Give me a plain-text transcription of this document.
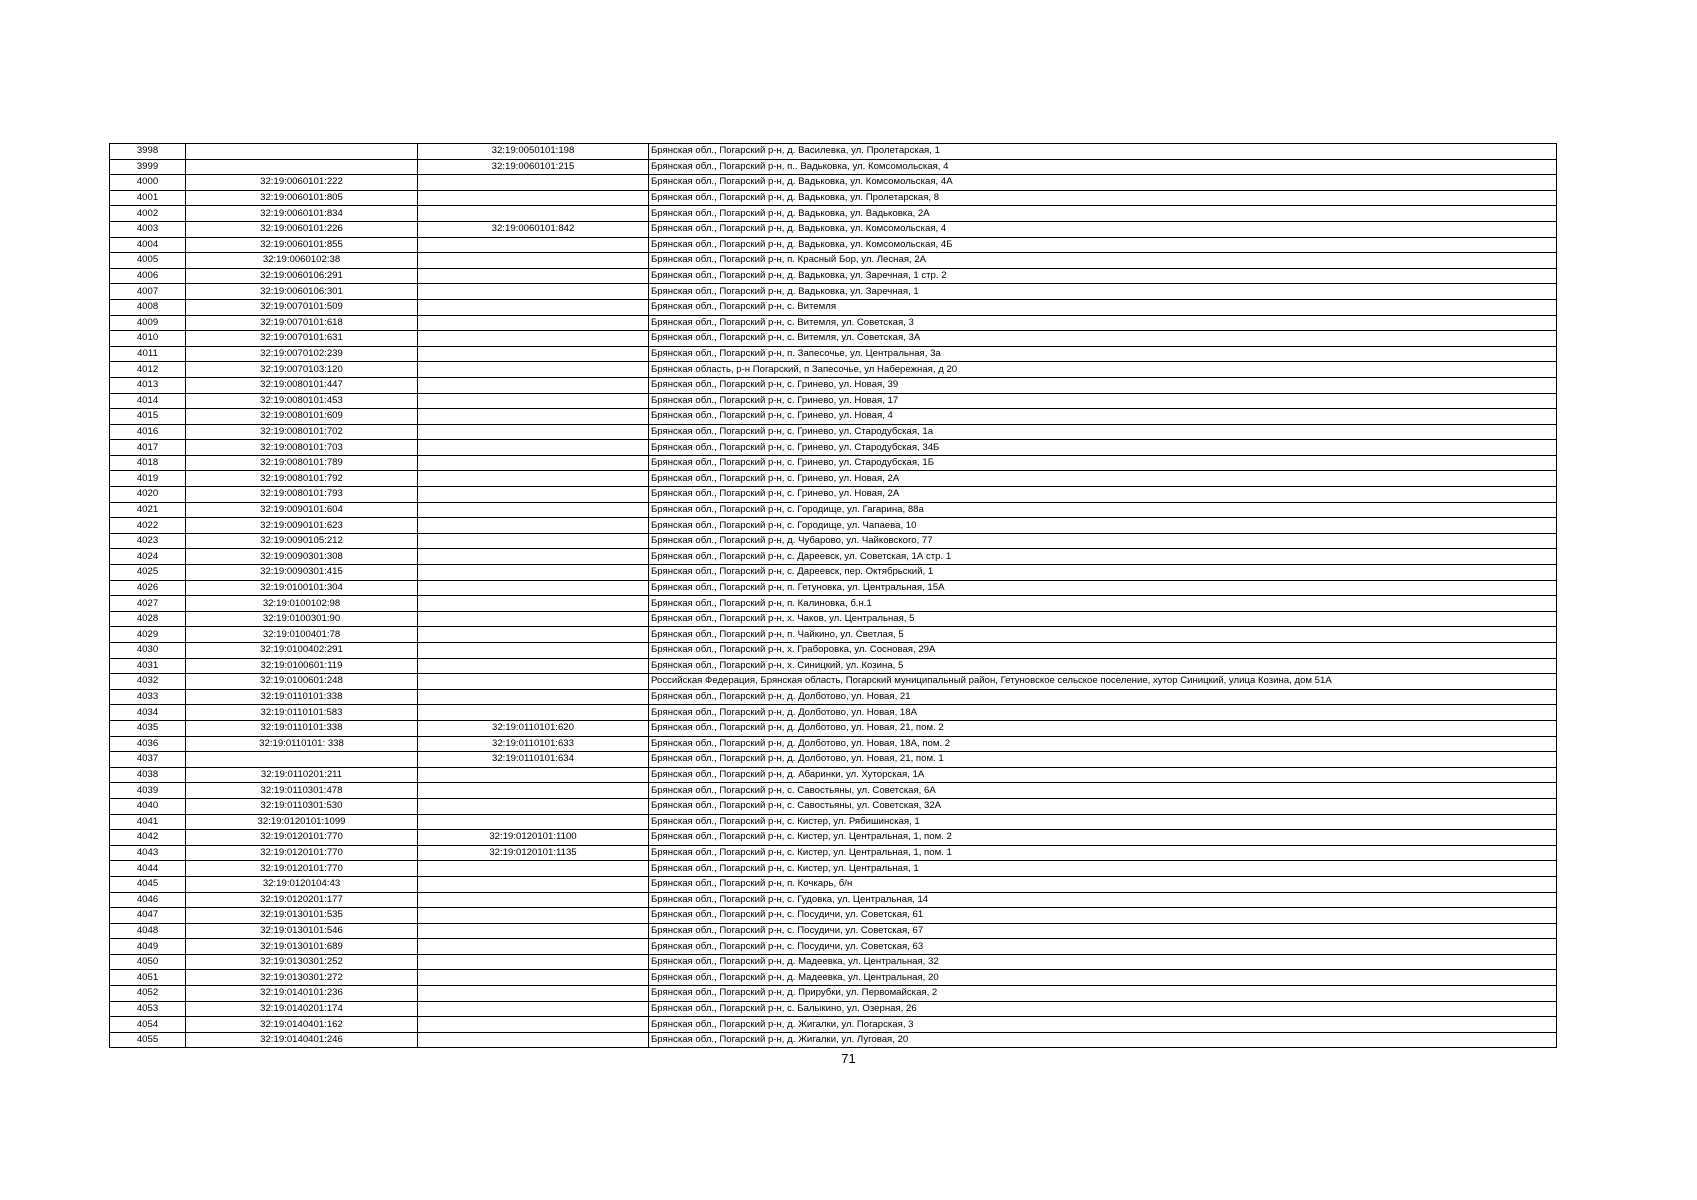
3998		32:19:0050101:198	Брянская обл., Погарский р-н, д. Василевка, ул. Пролетарская, 1
3999		32:19:0060101:215	Брянская обл., Погарский р-н, п.. Вадьковка, ул. Комсомольская, 4
4000	32:19:0060101:222		Брянская обл., Погарский р-н, д. Вадьковка, ул. Комсомольская, 4А
4001	32:19:0060101:805		Брянская обл., Погарский р-н, д. Вадьковка, ул. Пролетарская, 8
4002	32:19:0060101:834		Брянская обл., Погарский р-н, д. Вадьковка, ул. Вадьковка, 2А
4003	32:19:0060101:226	32:19:0060101:842	Брянская обл., Погарский р-н, д. Вадьковка, ул. Комсомольская, 4
4004	32:19:0060101:855		Брянская обл., Погарский р-н, д. Вадьковка, ул. Комсомольская, 4Б
4005	32:19:0060102:38		Брянская обл., Погарский р-н, п. Красный Бор, ул. Лесная, 2А
4006	32:19:0060106:291		Брянская обл., Погарский р-н, д. Вадьковка, ул. Заречная, 1 стр. 2
4007	32:19:0060106:301		Брянская обл., Погарский р-н, д. Вадьковка, ул. Заречная, 1
4008	32:19:0070101:509		Брянская обл., Погарский р-н, с. Витемля
4009	32:19:0070101:618		Брянская обл., Погарский р-н, с. Витемля, ул. Советская, 3
4010	32:19:0070101:631		Брянская обл., Погарский р-н, с. Витемля, ул. Советская, 3А
4011	32:19:0070102:239		Брянская обл., Погарский р-н, п. Запесочье, ул. Центральная, 3а
4012	32:19:0070103:120		Брянская область, р-н Погарский, п Запесочье, ул Набережная, д 20
4013	32:19:0080101:447		Брянская обл., Погарский р-н, с. Гринево, ул. Новая, 39
4014	32:19:0080101:453		Брянская обл., Погарский р-н, с. Гринево, ул. Новая, 17
4015	32:19:0080101:609		Брянская обл., Погарский р-н, с. Гринево, ул. Новая, 4
4016	32:19:0080101:702		Брянская обл., Погарский р-н, с. Гринево, ул. Стародубская, 1а
4017	32:19:0080101:703		Брянская обл., Погарский р-н, с. Гринево, ул. Стародубская, 34Б
4018	32:19:0080101:789		Брянская обл., Погарский р-н, с. Гринево, ул. Стародубская, 1Б
4019	32:19:0080101:792		Брянская обл., Погарский р-н, с. Гринево, ул. Новая, 2А
4020	32:19:0080101:793		Брянская обл., Погарский р-н, с. Гринево, ул. Новая, 2А
4021	32:19:0090101:604		Брянская обл., Погарский р-н, с. Городище, ул. Гагарина, 88а
4022	32:19:0090101:623		Брянская обл., Погарский р-н, с. Городище, ул. Чапаева, 10
4023	32:19:0090105:212		Брянская обл., Погарский р-н, д. Чубарово, ул. Чайковского, 77
4024	32:19:0090301:308		Брянская обл., Погарский р-н, с. Дареевск, ул. Советская, 1А стр. 1
4025	32:19:0090301:415		Брянская обл., Погарский р-н, с. Дареевск, пер. Октябрьский, 1
4026	32:19:0100101:304		Брянская обл., Погарский р-н, п. Гетуновка, ул. Центральная, 15А
4027	32:19:0100102:98		Брянская обл., Погарский р-н, п. Калиновка, б.н.1
4028	32:19:0100301:90		Брянская обл., Погарский р-н, х. Чаков, ул. Центральная, 5
4029	32:19:0100401:78		Брянская обл., Погарский р-н, п. Чайкино, ул. Светлая, 5
4030	32:19:0100402:291		Брянская обл., Погарский р-н, х. Граборовка, ул. Сосновая, 29А
4031	32:19:0100601:119		Брянская обл., Погарский р-н, х. Синицкий, ул. Козина, 5
4032	32:19:0100601:248		Российская Федерация, Брянская область, Погарский муниципальный район, Гетуновское сельское поселение, хутор Синицкий, улица Козина, дом 51А
4033	32:19:0110101:338		Брянская обл., Погарский р-н, д. Долботово, ул. Новая, 21
4034	32:19:0110101:583		Брянская обл., Погарский р-н, д. Долботово, ул. Новая, 18А
4035	32:19:0110101:338	32:19:0110101:620	Брянская обл., Погарский р-н, д. Долботово, ул. Новая, 21, пом. 2
4036	32:19:0110101: 338	32:19:0110101:633	Брянская обл., Погарский р-н, д. Долботово, ул. Новая, 18А, пом. 2
4037		32:19:0110101:634	Брянская обл., Погарский р-н, д. Долботово, ул. Новая, 21, пом. 1
4038	32:19:0110201:211		Брянская обл., Погарский р-н, д. Абаринки, ул. Хуторская, 1А
4039	32:19:0110301:478		Брянская обл., Погарский р-н, с. Савостьяны, ул. Советская, 6А
4040	32:19:0110301:530		Брянская обл., Погарский р-н, с. Савостьяны, ул. Советская, 32А
4041	32:19:0120101:1099		Брянская обл., Погарский р-н, с. Кистер, ул. Рябишинская, 1
4042	32:19:0120101:770	32:19:0120101:1100	Брянская обл., Погарский р-н, с. Кистер, ул. Центральная, 1, пом. 2
4043	32:19:0120101:770	32:19:0120101:1135	Брянская обл., Погарский р-н, с. Кистер, ул. Центральная, 1, пом. 1
4044	32:19:0120101:770		Брянская обл., Погарский р-н, с. Кистер, ул. Центральная, 1
4045	32:19:0120104:43		Брянская обл., Погарский р-н, п. Кочкарь, б/н
4046	32:19:0120201:177		Брянская обл., Погарский р-н, с. Гудовка, ул. Центральная, 14
4047	32:19:0130101:535		Брянская обл., Погарский р-н, с. Посудичи, ул. Советская, 61
4048	32:19:0130101:546		Брянская обл., Погарский р-н, с. Посудичи, ул. Советская, 67
4049	32:19:0130101:689		Брянская обл., Погарский р-н, с. Посудичи, ул. Советская, 63
4050	32:19:0130301:252		Брянская обл., Погарский р-н, д. Мадеевка, ул. Центральная, 32
4051	32:19:0130301:272		Брянская обл., Погарский р-н, д. Мадеевка, ул. Центральная, 20
4052	32:19:0140101:236		Брянская обл., Погарский р-н, д. Прирубки, ул. Первомайская, 2
4053	32:19:0140201:174		Брянская обл., Погарский р-н, с. Балыкино, ул. Озерная, 26
4054	32:19:0140401:162		Брянская обл., Погарский р-н, д. Жигалки, ул. Погарская, 3
4055	32:19:0140401:246		Брянская обл., Погарский р-н, д. Жигалки, ул. Луговая, 20
71
